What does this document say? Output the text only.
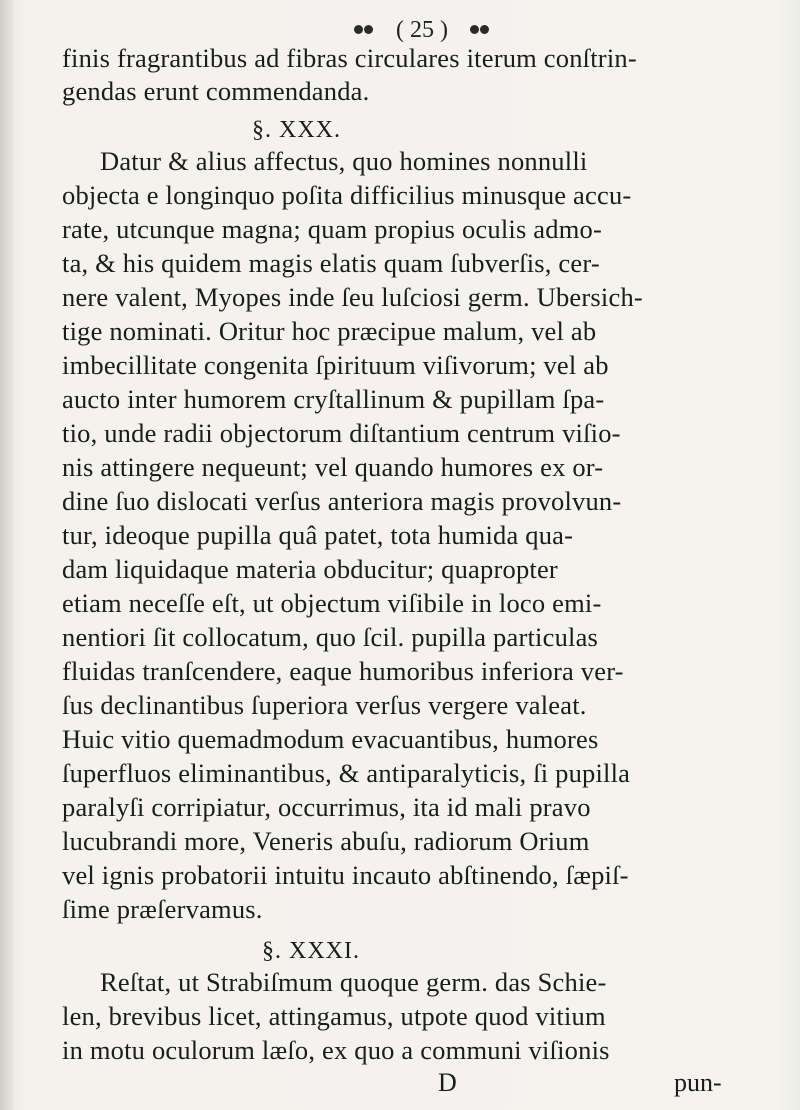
( 25 )
finis fragrantibus ad fibras circulares iterum conſtrin-
gendas erunt commendanda.
§. XXX.
Datur & alius affectus, quo homines nonnulli
objecta e longinquo poſita difficilius minusque accu-
rate, utcunque magna; quam propius oculis admo-
ta, & his quidem magis elatis quam ſubverſis, cer-
nere valent, Myopes inde ſeu luſciosi germ. Ubersich-
tige nominati. Oritur hoc præcipue malum, vel ab
imbecillitate congenita ſpirituum viſivorum; vel ab
aucto inter humorem cryſtallinum & pupillam ſpa-
tio, unde radii objectorum diſtantium centrum viſio-
nis attingere nequeunt; vel quando humores ex or-
dine ſuo dislocati verſus anteriora magis provolvun-
tur, ideoque pupilla quâ patet, tota humida qua-
dam liquidaque materia obducitur; quapropter
etiam neceſſe eſt, ut objectum viſibile in loco emi-
nentiori ſit collocatum, quo ſcil. pupilla particulas
fluidas tranſcendere, eaque humoribus inferiora ver-
ſus declinantibus ſuperiora verſus vergere valeat.
Huic vitio quemadmodum evacuantibus, humores
ſuperfluos eliminantibus, & antiparalyticis, ſi pupilla
paralyſi corripiatur, occurrimus, ita id mali pravo
lucubrandi more, Veneris abuſu, radiorum Orium
vel ignis probatorii intuitu incauto abſtinendo, ſæpiſ-
ſime præſervamus.
§. XXXI.
Reſtat, ut Strabiſmum quoque germ. das Schie-
len, brevibus licet, attingamus, utpote quod vitium
in motu oculorum læſo, ex quo a communi viſionis
D	pun-
